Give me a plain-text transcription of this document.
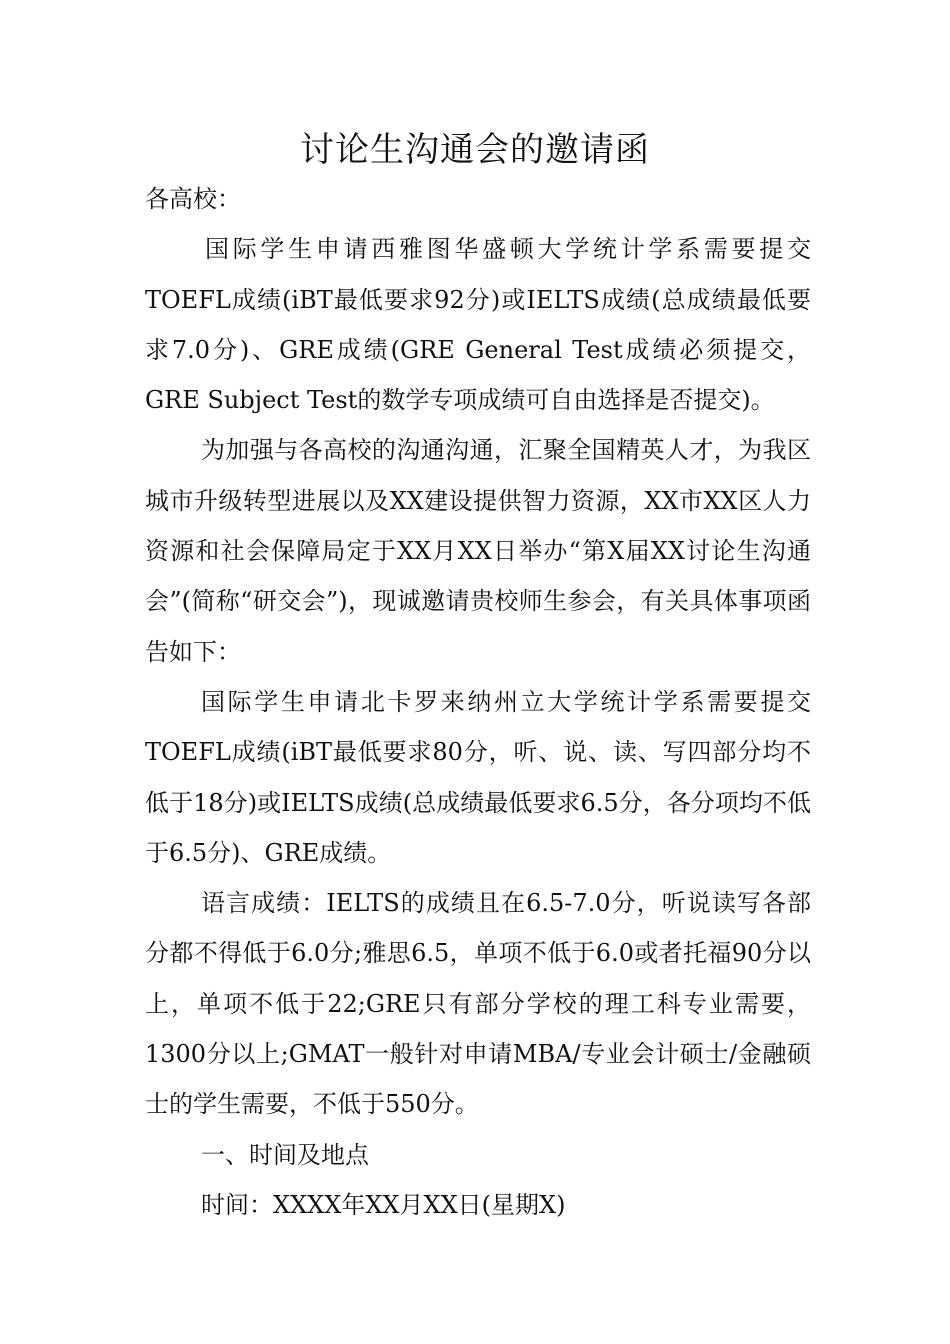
讨论生沟通会的邀请函

各高校：

国际学生申请西雅图华盛顿大学统计学系需要提交TOEFL成绩(iBT最低要求92分)或IELTS成绩(总成绩最低要求7.0分)、GRE成绩(GRE General Test成绩必须提交，GRE Subject Test的数学专项成绩可自由选择是否提交)。

为加强与各高校的沟通沟通，汇聚全国精英人才，为我区城市升级转型进展以及XX建设提供智力资源，XX市XX区人力资源和社会保障局定于XX月XX日举办“第X届XX讨论生沟通会”(简称“研交会”)，现诚邀请贵校师生参会，有关具体事项函告如下：

国际学生申请北卡罗来纳州立大学统计学系需要提交TOEFL成绩(iBT最低要求80分，听、说、读、写四部分均不低于18分)或IELTS成绩(总成绩最低要求6.5分，各分项均不低于6.5分)、GRE成绩。

语言成绩：IELTS的成绩且在6.5-7.0分，听说读写各部分都不得低于6.0分;雅思6.5，单项不低于6.0或者托福90分以上，单项不低于22;GRE只有部分学校的理工科专业需要，1300分以上;GMAT一般针对申请MBA/专业会计硕士/金融硕士的学生需要，不低于550分。

一、时间及地点

时间：XXXX年XX月XX日(星期X)
